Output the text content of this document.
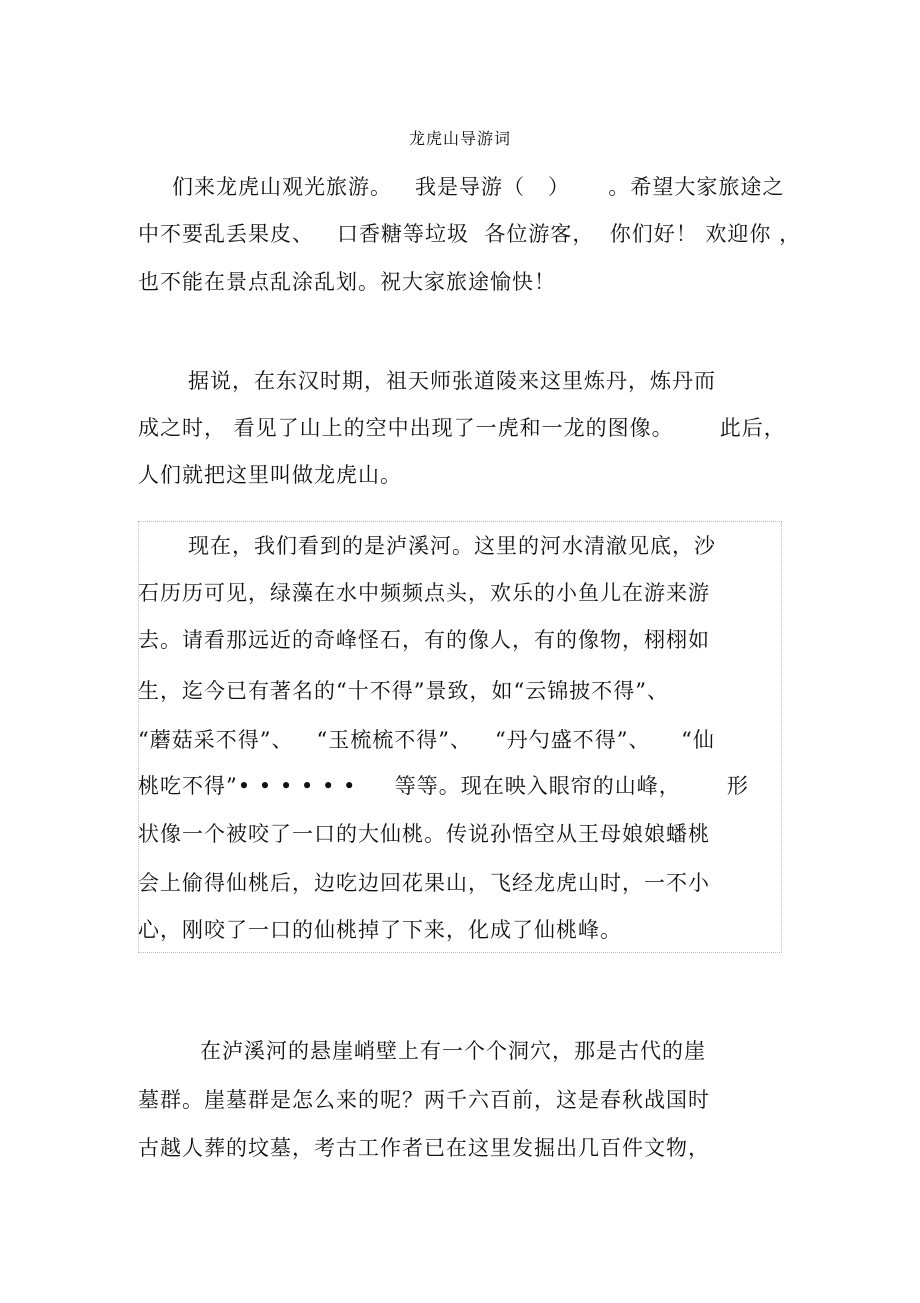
龙虎山导游词
们来龙虎山观光旅游。   我是导游（   ）     。希望大家旅途之
中不要乱丢果皮、   口香糖等垃圾  各位游客，  你们好！ 欢迎你 ，
也不能在景点乱涂乱划。祝大家旅途愉快！
据说，在东汉时期，祖天师张道陵来这里炼丹，炼丹而
成之时， 看见了山上的空中出现了一虎和一龙的图像。      此后，
人们就把这里叫做龙虎山。
现在，我们看到的是泸溪河。这里的河水清澈见底，沙
石历历可见，绿藻在水中频频点头，欢乐的小鱼儿在游来游
去。请看那远近的奇峰怪石，有的像人，有的像物，栩栩如
生，迄今已有著名的“十不得”景致，如“云锦披不得”、
“蘑菇采不得”、   “玉梳梳不得”、   “丹勺盛不得”、    “仙
桃吃不得”• • • • • •     等等。现在映入眼帘的山峰，      形
状像一个被咬了一口的大仙桃。传说孙悟空从王母娘娘蟠桃
会上偷得仙桃后，边吃边回花果山，飞经龙虎山时，一不小
心，刚咬了一口的仙桃掉了下来，化成了仙桃峰。
在泸溪河的悬崖峭壁上有一个个洞穴，那是古代的崖
墓群。崖墓群是怎么来的呢？两千六百前，这是春秋战国时
古越人葬的坟墓，考古工作者已在这里发掘出几百件文物，
